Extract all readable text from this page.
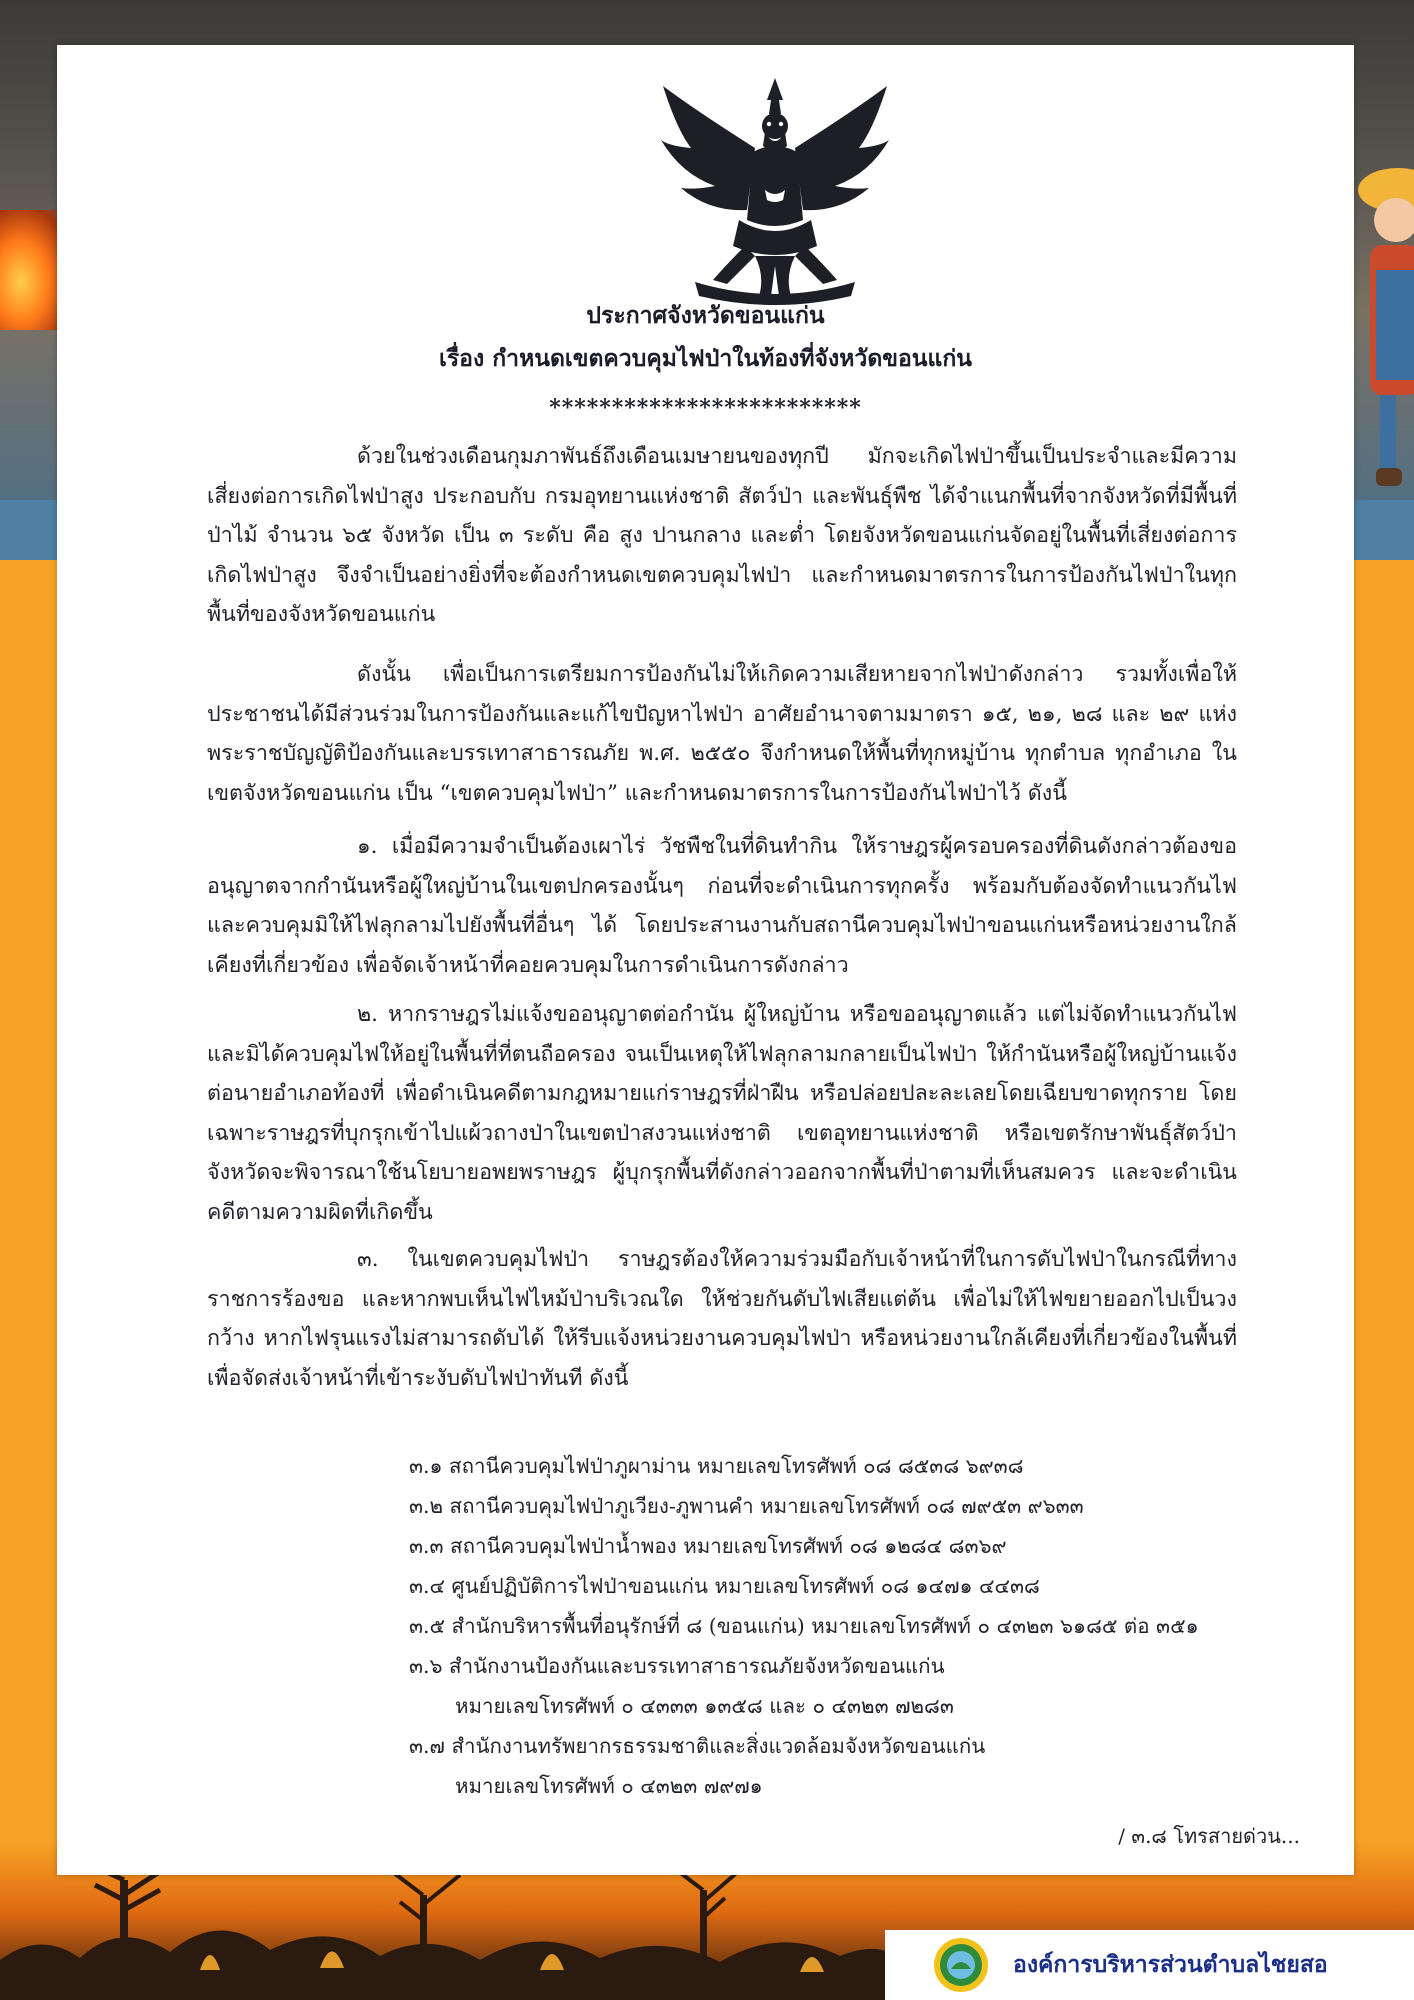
ประกาศจังหวัดขอนแก่น
เรื่อง กำหนดเขตควบคุมไฟป่าในท้องที่จังหวัดขอนแก่น
*************************
ด้วยในช่วงเดือนกุมภาพันธ์ถึงเดือนเมษายนของทุกปี มักจะเกิดไฟป่าขึ้นเป็นประจำและมีความเสี่ยงต่อการเกิดไฟป่าสูง ประกอบกับ กรมอุทยานแห่งชาติ สัตว์ป่า และพันธุ์พืช ได้จำแนกพื้นที่จากจังหวัดที่มีพื้นที่ป่าไม้ จำนวน ๖๕ จังหวัด เป็น ๓ ระดับ คือ สูง ปานกลาง และต่ำ โดยจังหวัดขอนแก่นจัดอยู่ในพื้นที่เสี่ยงต่อการเกิดไฟป่าสูง จึงจำเป็นอย่างยิ่งที่จะต้องกำหนดเขตควบคุมไฟป่า และกำหนดมาตรการในการป้องกันไฟป่าในทุกพื้นที่ของจังหวัดขอนแก่น
ดังนั้น เพื่อเป็นการเตรียมการป้องกันไม่ให้เกิดความเสียหายจากไฟป่าดังกล่าว รวมทั้งเพื่อให้ประชาชนได้มีส่วนร่วมในการป้องกันและแก้ไขปัญหาไฟป่า อาศัยอำนาจตามมาตรา ๑๕, ๒๑, ๒๘ และ ๒๙ แห่งพระราชบัญญัติป้องกันและบรรเทาสาธารณภัย พ.ศ. ๒๕๕๐ จึงกำหนดให้พื้นที่ทุกหมู่บ้าน ทุกตำบล ทุกอำเภอ ในเขตจังหวัดขอนแก่น เป็น “เขตควบคุมไฟป่า” และกำหนดมาตรการในการป้องกันไฟป่าไว้ ดังนี้
๑. เมื่อมีความจำเป็นต้องเผาไร่ วัชพืชในที่ดินทำกิน ให้ราษฎรผู้ครอบครองที่ดินดังกล่าวต้องขออนุญาตจากกำนันหรือผู้ใหญ่บ้านในเขตปกครองนั้นๆ ก่อนที่จะดำเนินการทุกครั้ง พร้อมกับต้องจัดทำแนวกันไฟ และควบคุมมิให้ไฟลุกลามไปยังพื้นที่อื่นๆ ได้ โดยประสานงานกับสถานีควบคุมไฟป่าขอนแก่นหรือหน่วยงานใกล้เคียงที่เกี่ยวข้อง เพื่อจัดเจ้าหน้าที่คอยควบคุมในการดำเนินการดังกล่าว
๒. หากราษฎรไม่แจ้งขออนุญาตต่อกำนัน ผู้ใหญ่บ้าน หรือขออนุญาตแล้ว แต่ไม่จัดทำแนวกันไฟและมิได้ควบคุมไฟให้อยู่ในพื้นที่ที่ตนถือครอง จนเป็นเหตุให้ไฟลุกลามกลายเป็นไฟป่า ให้กำนันหรือผู้ใหญ่บ้านแจ้งต่อนายอำเภอท้องที่ เพื่อดำเนินคดีตามกฎหมายแก่ราษฎรที่ฝ่าฝืน หรือปล่อยปละละเลยโดยเฉียบขาดทุกราย โดยเฉพาะราษฎรที่บุกรุกเข้าไปแผ้วถางป่าในเขตป่าสงวนแห่งชาติ เขตอุทยานแห่งชาติ หรือเขตรักษาพันธุ์สัตว์ป่า จังหวัดจะพิจารณาใช้นโยบายอพยพราษฎร ผู้บุกรุกพื้นที่ดังกล่าวออกจากพื้นที่ป่าตามที่เห็นสมควร และจะดำเนินคดีตามความผิดที่เกิดขึ้น
๓. ในเขตควบคุมไฟป่า ราษฎรต้องให้ความร่วมมือกับเจ้าหน้าที่ในการดับไฟป่าในกรณีที่ทางราชการร้องขอ และหากพบเห็นไฟไหม้ป่าบริเวณใด ให้ช่วยกันดับไฟเสียแต่ต้น เพื่อไม่ให้ไฟขยายออกไปเป็นวงกว้าง หากไฟรุนแรงไม่สามารถดับได้ ให้รีบแจ้งหน่วยงานควบคุมไฟป่า หรือหน่วยงานใกล้เคียงที่เกี่ยวข้องในพื้นที่เพื่อจัดส่งเจ้าหน้าที่เข้าระงับดับไฟป่าทันที ดังนี้
๓.๑ สถานีควบคุมไฟป่าภูผาม่าน หมายเลขโทรศัพท์ ๐๘ ๘๕๓๘ ๖๙๓๘
๓.๒ สถานีควบคุมไฟป่าภูเวียง-ภูพานคำ หมายเลขโทรศัพท์ ๐๘ ๗๙๕๓ ๙๖๓๓
๓.๓ สถานีควบคุมไฟป่าน้ำพอง หมายเลขโทรศัพท์ ๐๘ ๑๒๘๔ ๘๓๖๙
๓.๔ ศูนย์ปฏิบัติการไฟป่าขอนแก่น หมายเลขโทรศัพท์ ๐๘ ๑๔๗๑ ๔๔๓๘
๓.๕ สำนักบริหารพื้นที่อนุรักษ์ที่ ๘ (ขอนแก่น) หมายเลขโทรศัพท์ ๐ ๔๓๒๓ ๖๑๘๕ ต่อ ๓๕๑
๓.๖ สำนักงานป้องกันและบรรเทาสาธารณภัยจังหวัดขอนแก่น
หมายเลขโทรศัพท์ ๐ ๔๓๓๓ ๑๓๕๘ และ ๐ ๔๓๒๓ ๗๒๘๓
๓.๗ สำนักงานทรัพยากรธรรมชาติและสิ่งแวดล้อมจังหวัดขอนแก่น
หมายเลขโทรศัพท์ ๐ ๔๓๒๓ ๗๙๗๑
/ ๓.๘ โทรสายด่วน...
องค์การบริหารส่วนตำบลไชยสอ
